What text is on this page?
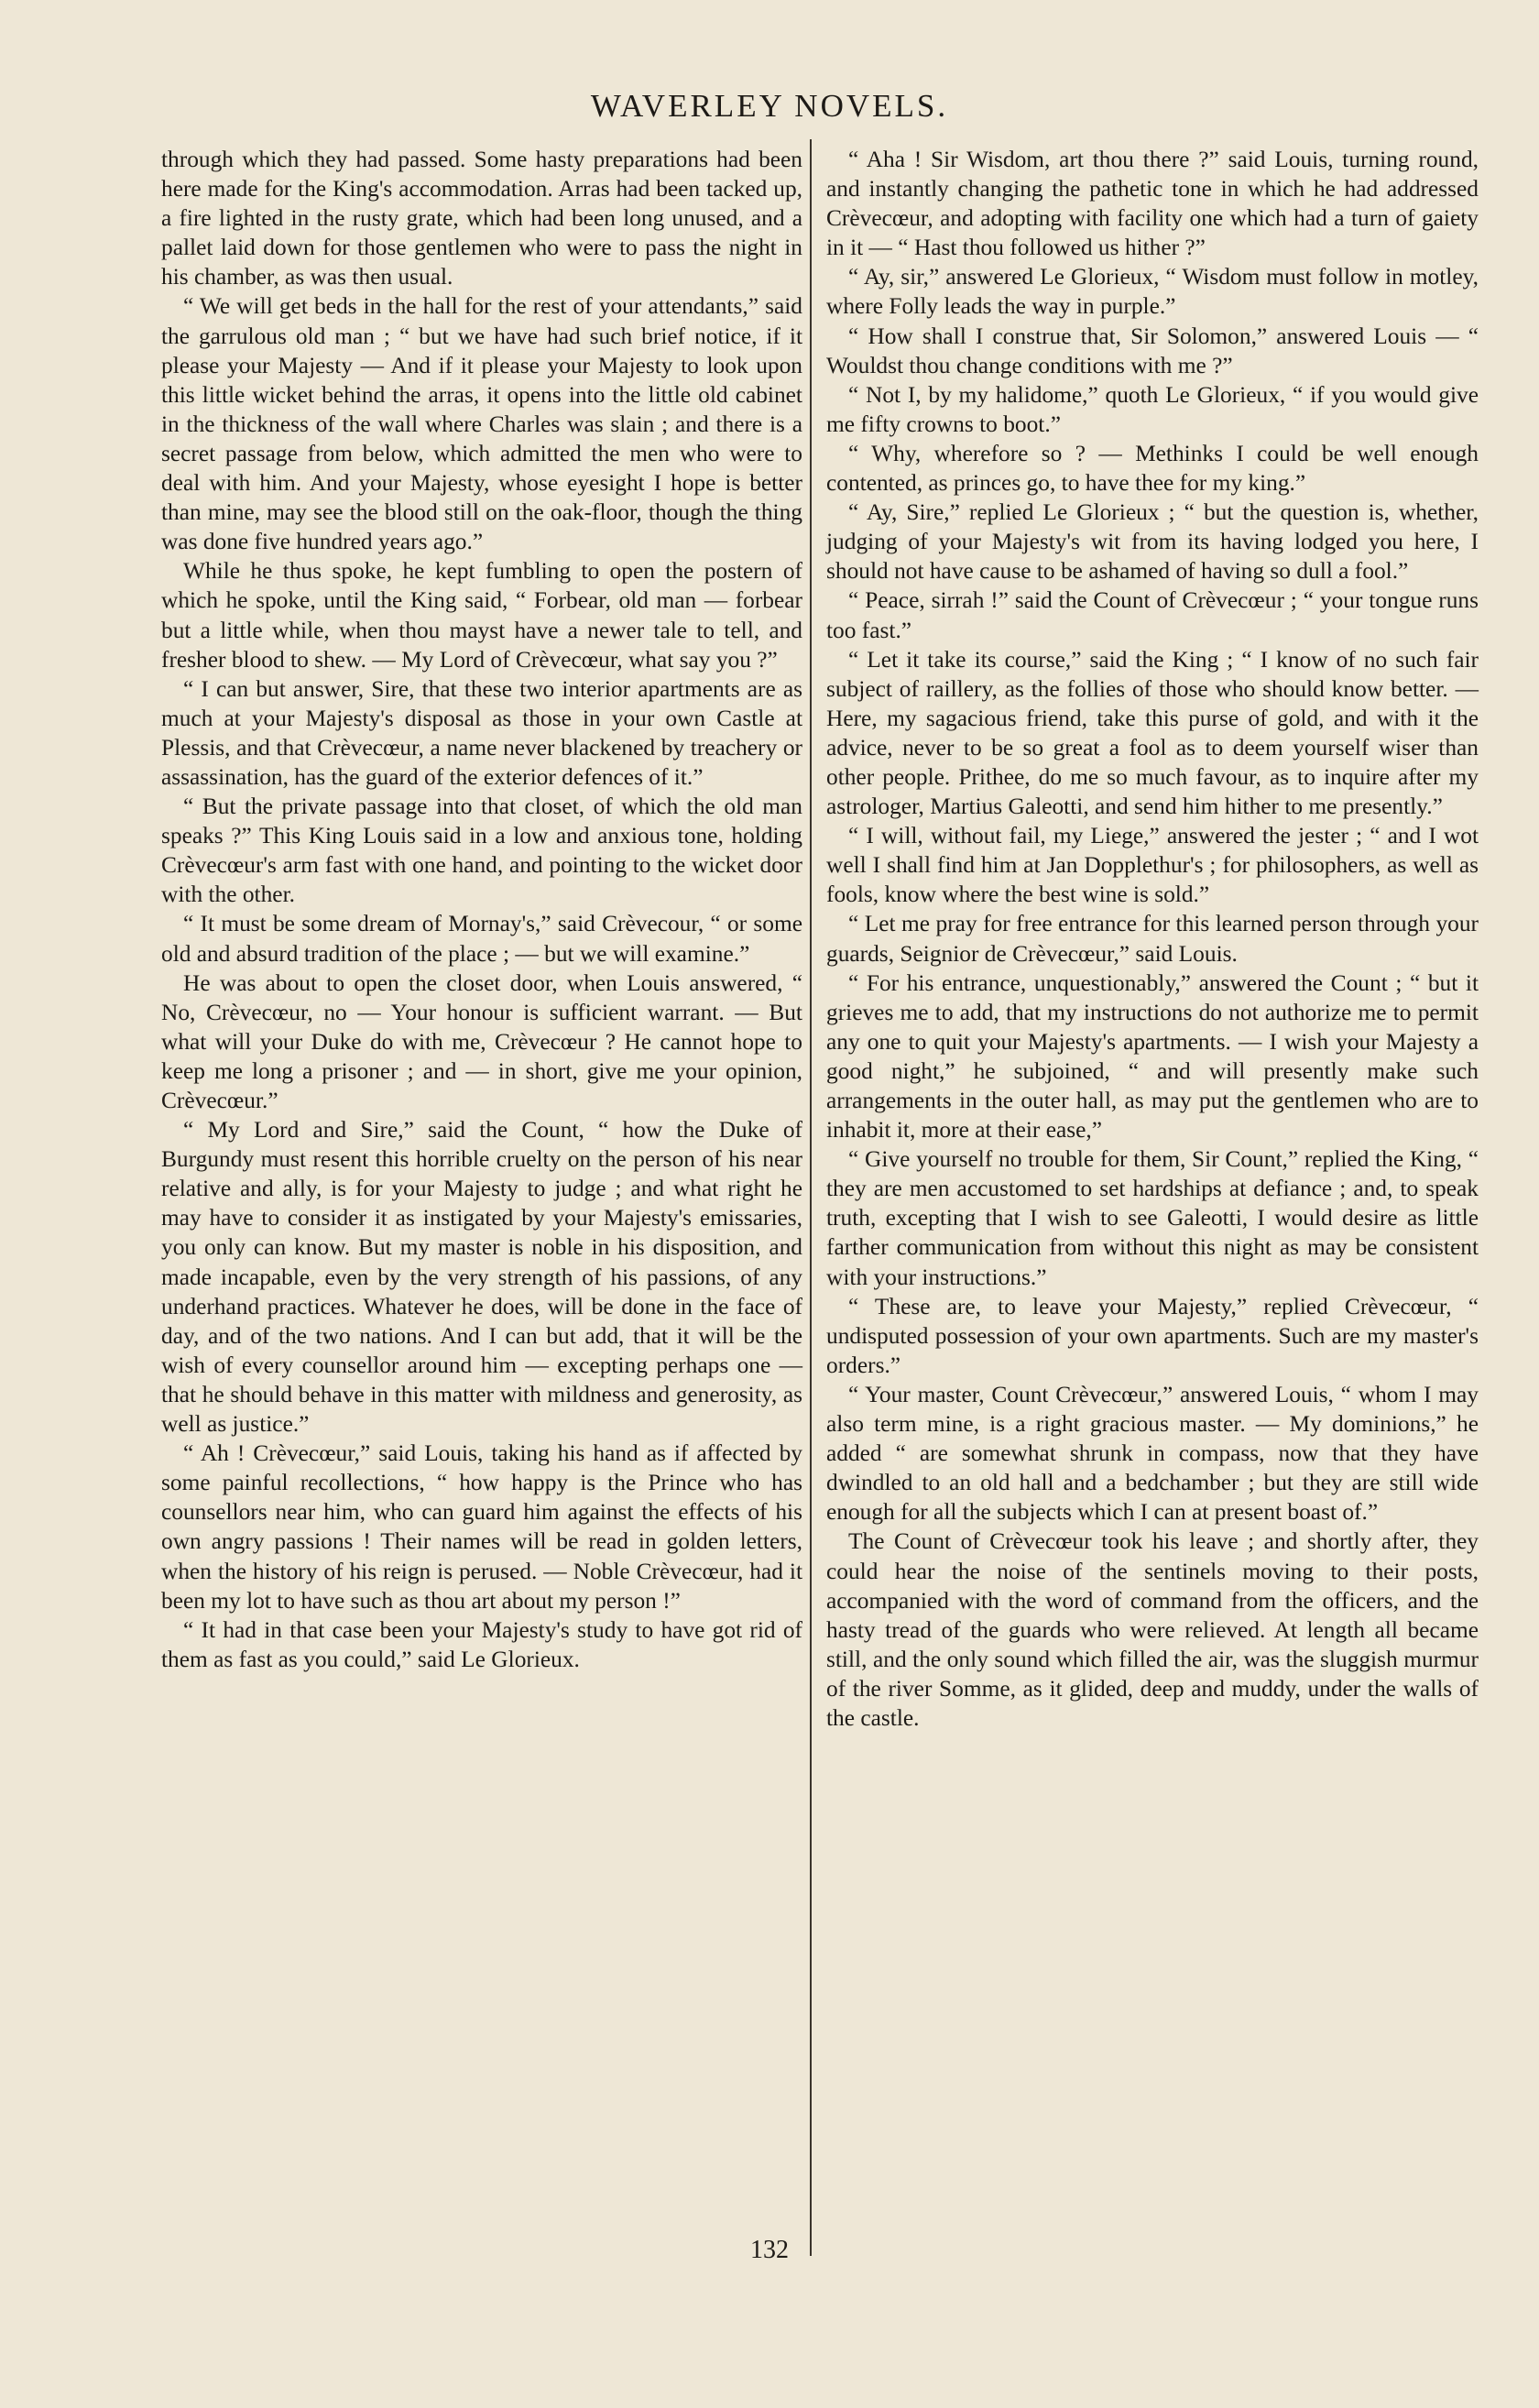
WAVERLEY NOVELS.

through which they had passed. Some hasty preparations had been here made for the King's accommodation. Arras had been tacked up, a fire lighted in the rusty grate, which had been long unused, and a pallet laid down for those gentlemen who were to pass the night in his chamber, as was then usual.

“ We will get beds in the hall for the rest of your attendants,” said the garrulous old man ; “ but we have had such brief notice, if it please your Majesty — And if it please your Majesty to look upon this little wicket behind the arras, it opens into the little old cabinet in the thickness of the wall where Charles was slain ; and there is a secret passage from below, which admitted the men who were to deal with him. And your Majesty, whose eyesight I hope is better than mine, may see the blood still on the oak-floor, though the thing was done five hundred years ago.”

While he thus spoke, he kept fumbling to open the postern of which he spoke, until the King said, “ Forbear, old man — forbear but a little while, when thou mayst have a newer tale to tell, and fresher blood to shew. — My Lord of Crèvecœur, what say you ?”

“ I can but answer, Sire, that these two interior apartments are as much at your Majesty's disposal as those in your own Castle at Plessis, and that Crèvecœur, a name never blackened by treachery or assassination, has the guard of the exterior defences of it.”

“ But the private passage into that closet, of which the old man speaks ?” This King Louis said in a low and anxious tone, holding Crèvecœur's arm fast with one hand, and pointing to the wicket door with the other.

“ It must be some dream of Mornay's,” said Crèvecour, “ or some old and absurd tradition of the place ; — but we will examine.”

He was about to open the closet door, when Louis answered, “ No, Crèvecœur, no — Your honour is sufficient warrant. — But what will your Duke do with me, Crèvecœur ? He cannot hope to keep me long a prisoner ; and — in short, give me your opinion, Crèvecœur.”

“ My Lord and Sire,” said the Count, “ how the Duke of Burgundy must resent this horrible cruelty on the person of his near relative and ally, is for your Majesty to judge ; and what right he may have to consider it as instigated by your Majesty's emissaries, you only can know. But my master is noble in his disposition, and made incapable, even by the very strength of his passions, of any underhand practices. Whatever he does, will be done in the face of day, and of the two nations. And I can but add, that it will be the wish of every counsellor around him — excepting perhaps one — that he should behave in this matter with mildness and generosity, as well as justice.”

“ Ah ! Crèvecœur,” said Louis, taking his hand as if affected by some painful recollections, “ how happy is the Prince who has counsellors near him, who can guard him against the effects of his own angry passions ! Their names will be read in golden letters, when the history of his reign is perused. — Noble Crèvecœur, had it been my lot to have such as thou art about my person !”

“ It had in that case been your Majesty's study to have got rid of them as fast as you could,” said Le Glorieux.

“ Aha ! Sir Wisdom, art thou there ?” said Louis, turning round, and instantly changing the pathetic tone in which he had addressed Crèvecœur, and adopting with facility one which had a turn of gaiety in it — “ Hast thou followed us hither ?”

“ Ay, sir,” answered Le Glorieux, “ Wisdom must follow in motley, where Folly leads the way in purple.”

“ How shall I construe that, Sir Solomon,” answered Louis — “ Wouldst thou change conditions with me ?”

“ Not I, by my halidome,” quoth Le Glorieux, “ if you would give me fifty crowns to boot.”

“ Why, wherefore so ? — Methinks I could be well enough contented, as princes go, to have thee for my king.”

“ Ay, Sire,” replied Le Glorieux ; “ but the question is, whether, judging of your Majesty's wit from its having lodged you here, I should not have cause to be ashamed of having so dull a fool.”

“ Peace, sirrah !” said the Count of Crèvecœur ; “ your tongue runs too fast.”

“ Let it take its course,” said the King ; “ I know of no such fair subject of raillery, as the follies of those who should know better. — Here, my sagacious friend, take this purse of gold, and with it the advice, never to be so great a fool as to deem yourself wiser than other people. Prithee, do me so much favour, as to inquire after my astrologer, Martius Galeotti, and send him hither to me presently.”

“ I will, without fail, my Liege,” answered the jester ; “ and I wot well I shall find him at Jan Dopplethur's ; for philosophers, as well as fools, know where the best wine is sold.”

“ Let me pray for free entrance for this learned person through your guards, Seignior de Crèvecœur,” said Louis.

“ For his entrance, unquestionably,” answered the Count ; “ but it grieves me to add, that my instructions do not authorize me to permit any one to quit your Majesty's apartments. — I wish your Majesty a good night,” he subjoined, “ and will presently make such arrangements in the outer hall, as may put the gentlemen who are to inhabit it, more at their ease,”

“ Give yourself no trouble for them, Sir Count,” replied the King, “ they are men accustomed to set hardships at defiance ; and, to speak truth, excepting that I wish to see Galeotti, I would desire as little farther communication from without this night as may be consistent with your instructions.”

“ These are, to leave your Majesty,” replied Crèvecœur, “ undisputed possession of your own apartments. Such are my master's orders.”

“ Your master, Count Crèvecœur,” answered Louis, “ whom I may also term mine, is a right gracious master. — My dominions,” he added “ are somewhat shrunk in compass, now that they have dwindled to an old hall and a bedchamber ; but they are still wide enough for all the subjects which I can at present boast of.”

The Count of Crèvecœur took his leave ; and shortly after, they could hear the noise of the sentinels moving to their posts, accompanied with the word of command from the officers, and the hasty tread of the guards who were relieved. At length all became still, and the only sound which filled the air, was the sluggish murmur of the river Somme, as it glided, deep and muddy, under the walls of the castle.

132
